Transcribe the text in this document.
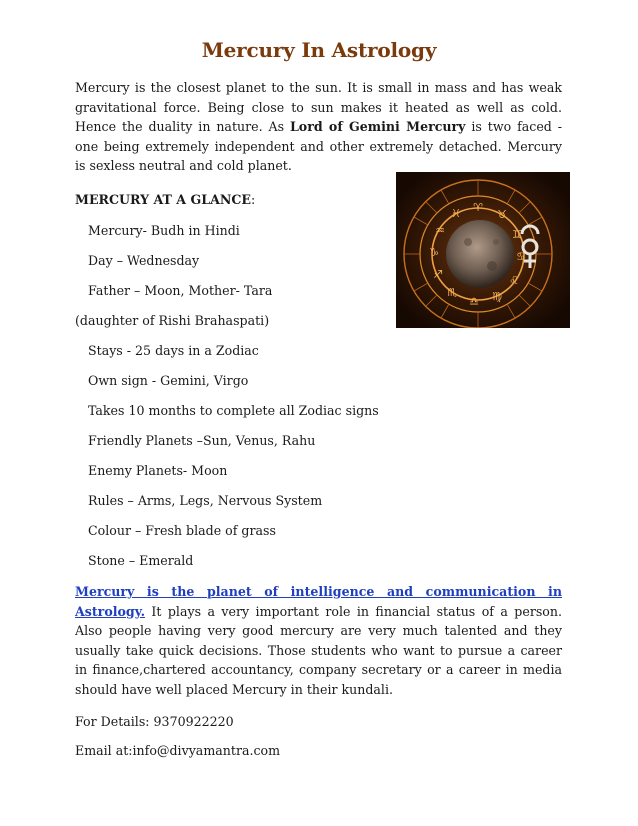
Mercury In Astrology

Mercury is the closest planet to the sun. It is small in mass and has weak gravitational force. Being close to sun makes it heated as well as cold. Hence the duality in nature. As Lord of Gemini Mercury is two faced - one being extremely independent and other extremely detached. Mercury is sexless neutral and cold planet.

MERCURY AT A GLANCE:
Mercury- Budh in Hindi
Day – Wednesday
Father – Moon, Mother- Tara
(daughter of Rishi Brahaspati)
Stays - 25 days in a Zodiac
Own sign - Gemini, Virgo
Takes 10 months to complete all Zodiac signs
Friendly Planets –Sun, Venus, Rahu
Enemy Planets- Moon
Rules – Arms, Legs, Nervous System
Colour – Fresh blade of grass
Stone – Emerald

Mercury is the planet of intelligence and communication in Astrology. It plays a very important role in financial status of a person. Also people having very good mercury are very much talented and they usually take quick decisions. Those students who want to pursue a career in finance,chartered accountancy, company secretary or a career in media should have well placed Mercury in their kundali.

For Details: 9370922220
Email at:info@divyamantra.com
♈
♉
♊
♋
♌
♍
♎
♏
♐
♑
♒
♓
